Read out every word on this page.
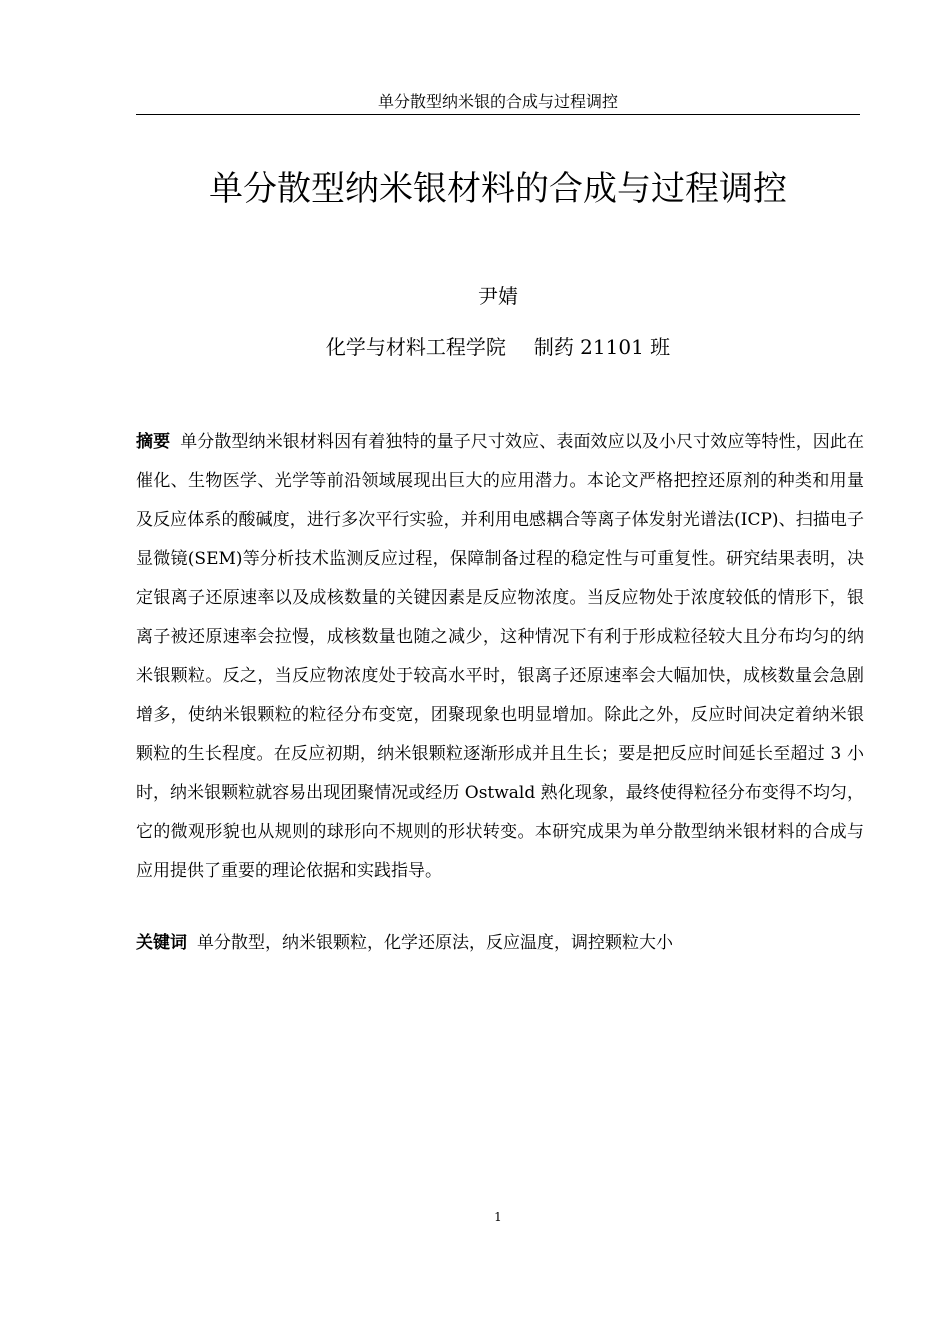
单分散型纳米银的合成与过程调控
单分散型纳米银材料的合成与过程调控
尹婧
化学与材料工程学院 制药 21101 班
摘要 单分散型纳米银材料因有着独特的量子尺寸效应、表面效应以及小尺寸效应等特性，因此在催化、生物医学、光学等前沿领域展现出巨大的应用潜力。本论文严格把控还原剂的种类和用量及反应体系的酸碱度，进行多次平行实验，并利用电感耦合等离子体发射光谱法(ICP)、扫描电子显微镜(SEM)等分析技术监测反应过程，保障制备过程的稳定性与可重复性。研究结果表明，决定银离子还原速率以及成核数量的关键因素是反应物浓度。当反应物处于浓度较低的情形下，银离子被还原速率会拉慢，成核数量也随之减少，这种情况下有利于形成粒径较大且分布均匀的纳米银颗粒。反之，当反应物浓度处于较高水平时，银离子还原速率会大幅加快，成核数量会急剧增多，使纳米银颗粒的粒径分布变宽，团聚现象也明显增加。除此之外，反应时间决定着纳米银颗粒的生长程度。在反应初期，纳米银颗粒逐渐形成并且生长；要是把反应时间延长至超过 3 小时，纳米银颗粒就容易出现团聚情况或经历 Ostwald 熟化现象，最终使得粒径分布变得不均匀，它的微观形貌也从规则的球形向不规则的形状转变。本研究成果为单分散型纳米银材料的合成与应用提供了重要的理论依据和实践指导。
关键词 单分散型，纳米银颗粒，化学还原法，反应温度，调控颗粒大小
1
